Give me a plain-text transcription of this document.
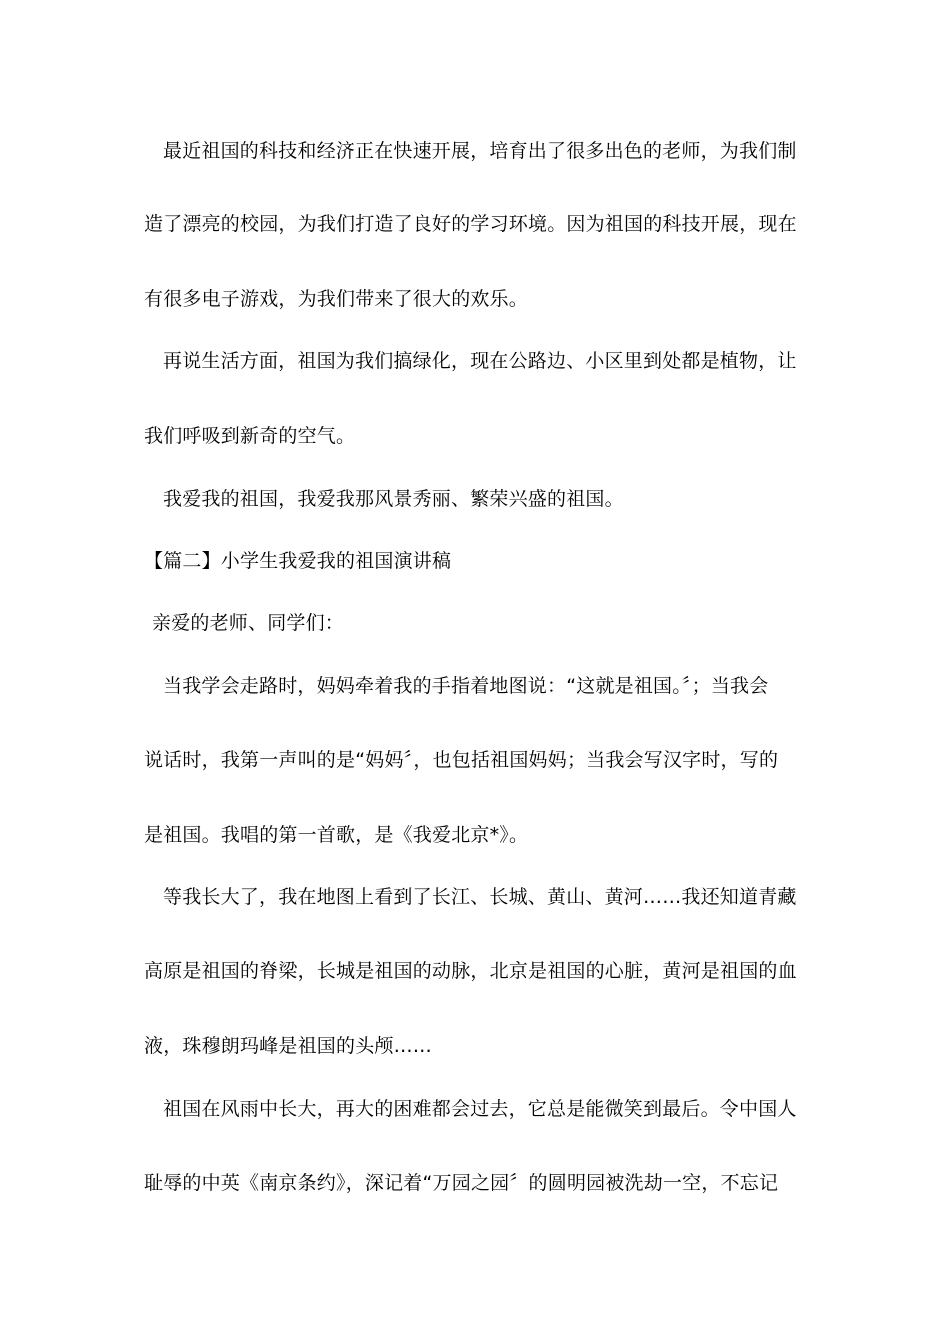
最近祖国的科技和经济正在快速开展，培育出了很多出色的老师，为我们制
造了漂亮的校园，为我们打造了良好的学习环境。因为祖国的科技开展，现在
有很多电子游戏，为我们带来了很大的欢乐。
再说生活方面，祖国为我们搞绿化，现在公路边、小区里到处都是植物，让
我们呼吸到新奇的空气。
我爱我的祖国，我爱我那风景秀丽、繁荣兴盛的祖国。
【篇二】小学生我爱我的祖国演讲稿
亲爱的老师、同学们：
当我学会走路时，妈妈牵着我的手指着地图说：“这就是祖国。〞；当我会
说话时，我第一声叫的是“妈妈〞，也包括祖国妈妈；当我会写汉字时，写的
是祖国。我唱的第一首歌，是《我爱北京*》。
等我长大了，我在地图上看到了长江、长城、黄山、黄河……我还知道青藏
高原是祖国的脊梁，长城是祖国的动脉，北京是祖国的心脏，黄河是祖国的血
液，珠穆朗玛峰是祖国的头颅……
祖国在风雨中长大，再大的困难都会过去，它总是能微笑到最后。令中国人
耻辱的中英《南京条约》，深记着“万园之园〞的圆明园被洗劫一空，不忘记
